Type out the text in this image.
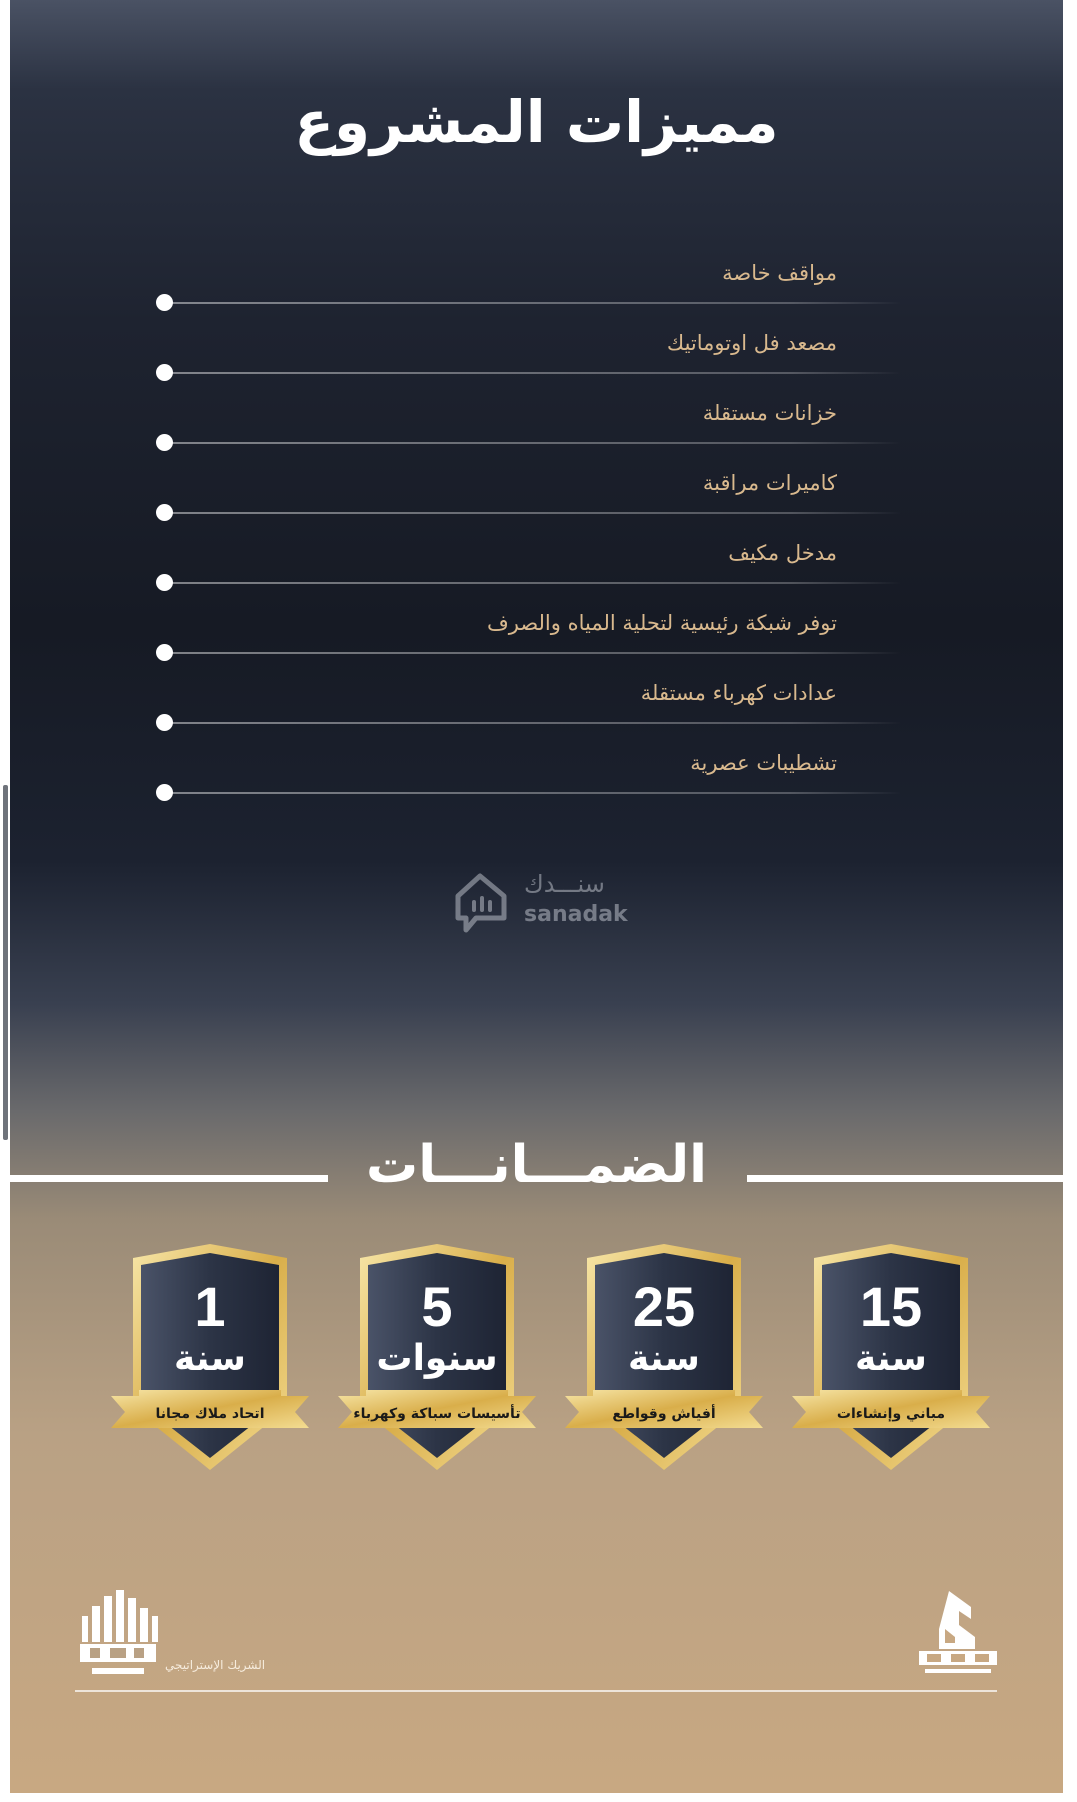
مميزات المشروع
مواقف خاصة
مصعد فل اوتوماتيك
خزانات مستقلة
كاميرات مراقبة
مدخل مكيف
توفر شبكة رئيسية لتحلية المياه والصرف
عدادات كهرباء مستقلة
تشطيبات عصرية
سنـــدك
sanadak
الضمـــانـــات
1
سنة
اتحاد ملاك مجانا
5
سنوات
تأسيسات سباكة وكهرباء
25
سنة
أفياش وقواطع
15
سنة
مباني وإنشاءات
الشريك الإستراتيجي
